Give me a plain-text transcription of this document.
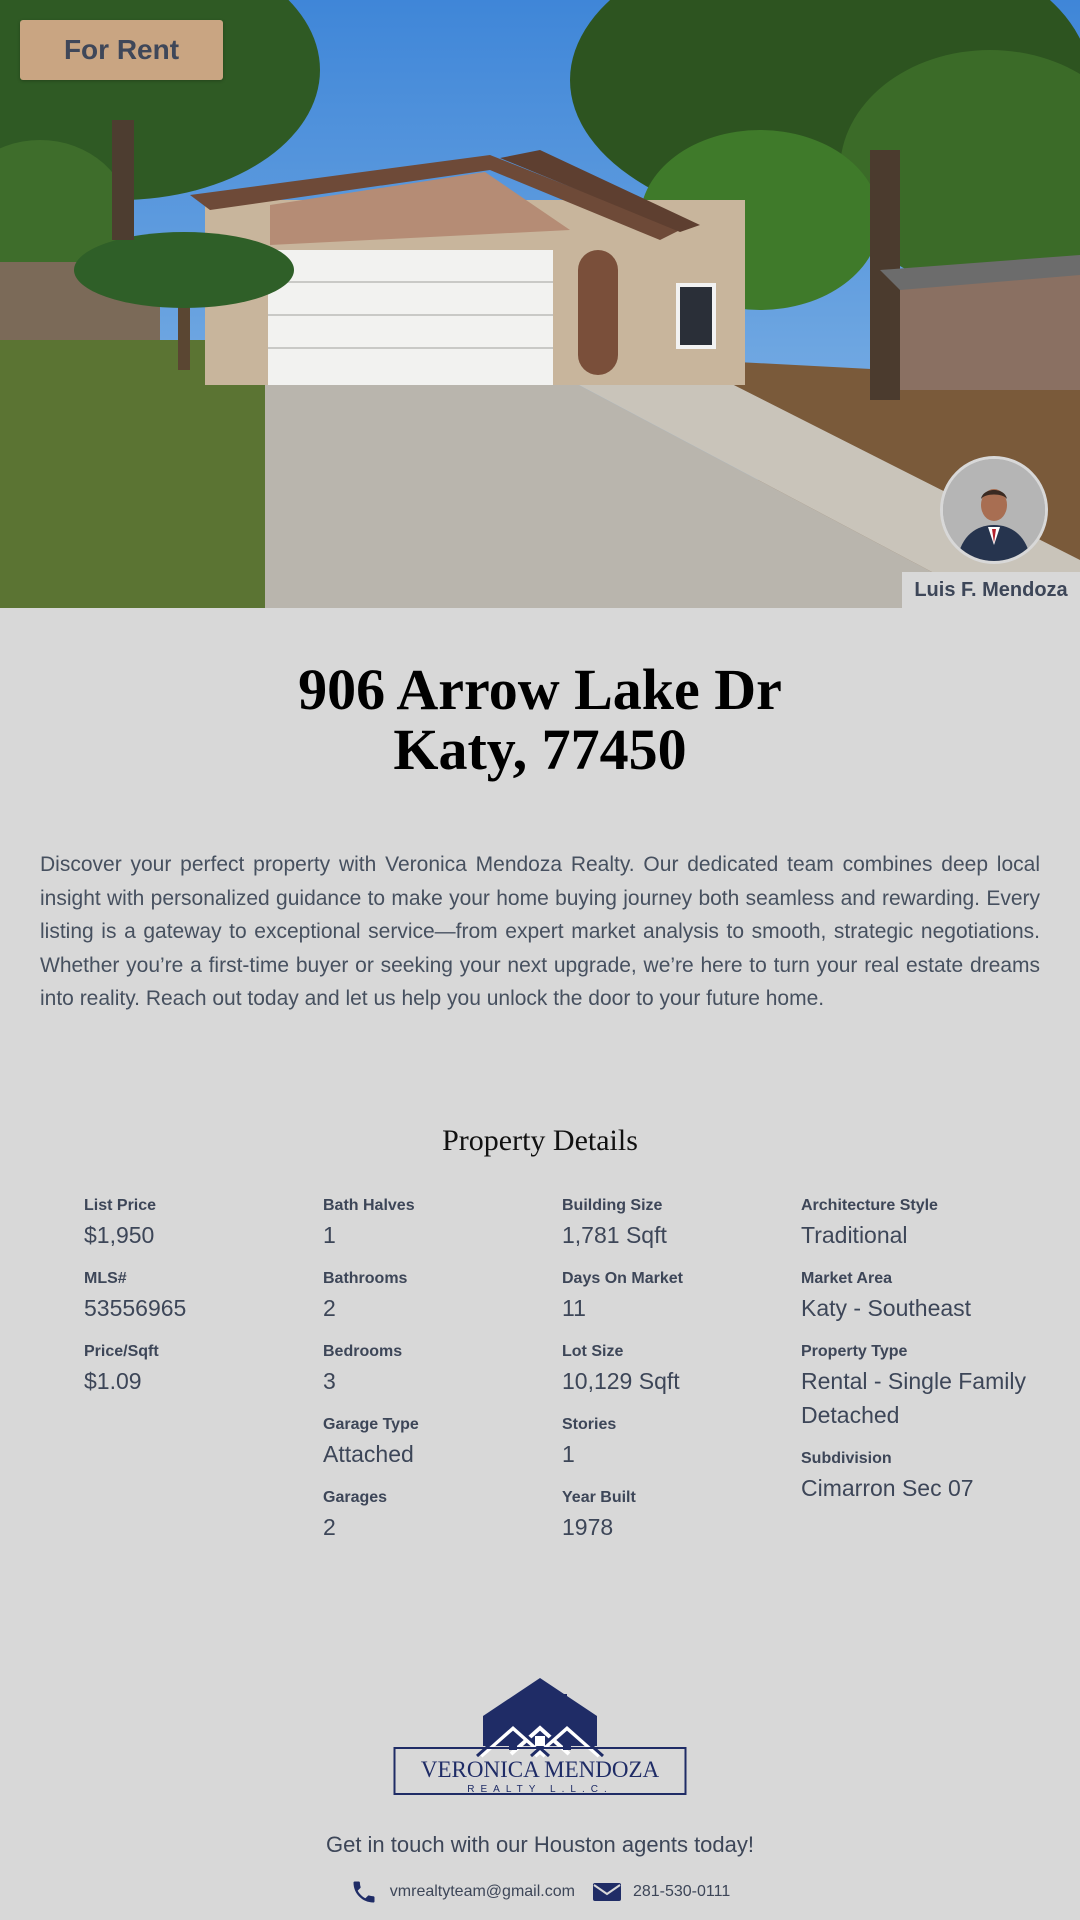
For Rent
Luis F. Mendoza
906 Arrow Lake Dr
Katy, 77450
Discover your perfect property with Veronica Mendoza Realty. Our dedicated team combines deep local insight with personalized guidance to make your home buying journey both seamless and rewarding. Every listing is a gateway to exceptional service—from expert market analysis to smooth, strategic negotiations. Whether you’re a first-time buyer or seeking your next upgrade, we’re here to turn your real estate dreams into reality. Reach out today and let us help you unlock the door to your future home.
Property Details
List Price
$1,950
MLS#
53556965
Price/Sqft
$1.09
Bath Halves
1
Bathrooms
2
Bedrooms
3
Garage Type
Attached
Garages
2
Building Size
1,781 Sqft
Days On Market
11
Lot Size
10,129 Sqft
Stories
1
Year Built
1978
Architecture Style
Traditional
Market Area
Katy - Southeast
Property Type
Rental - Single Family Detached
Subdivision
Cimarron Sec 07
VERONICA MENDOZA
REALTY L.L.C.
Get in touch with our Houston agents today!
vmrealtyteam@gmail.com	281-530-0111
